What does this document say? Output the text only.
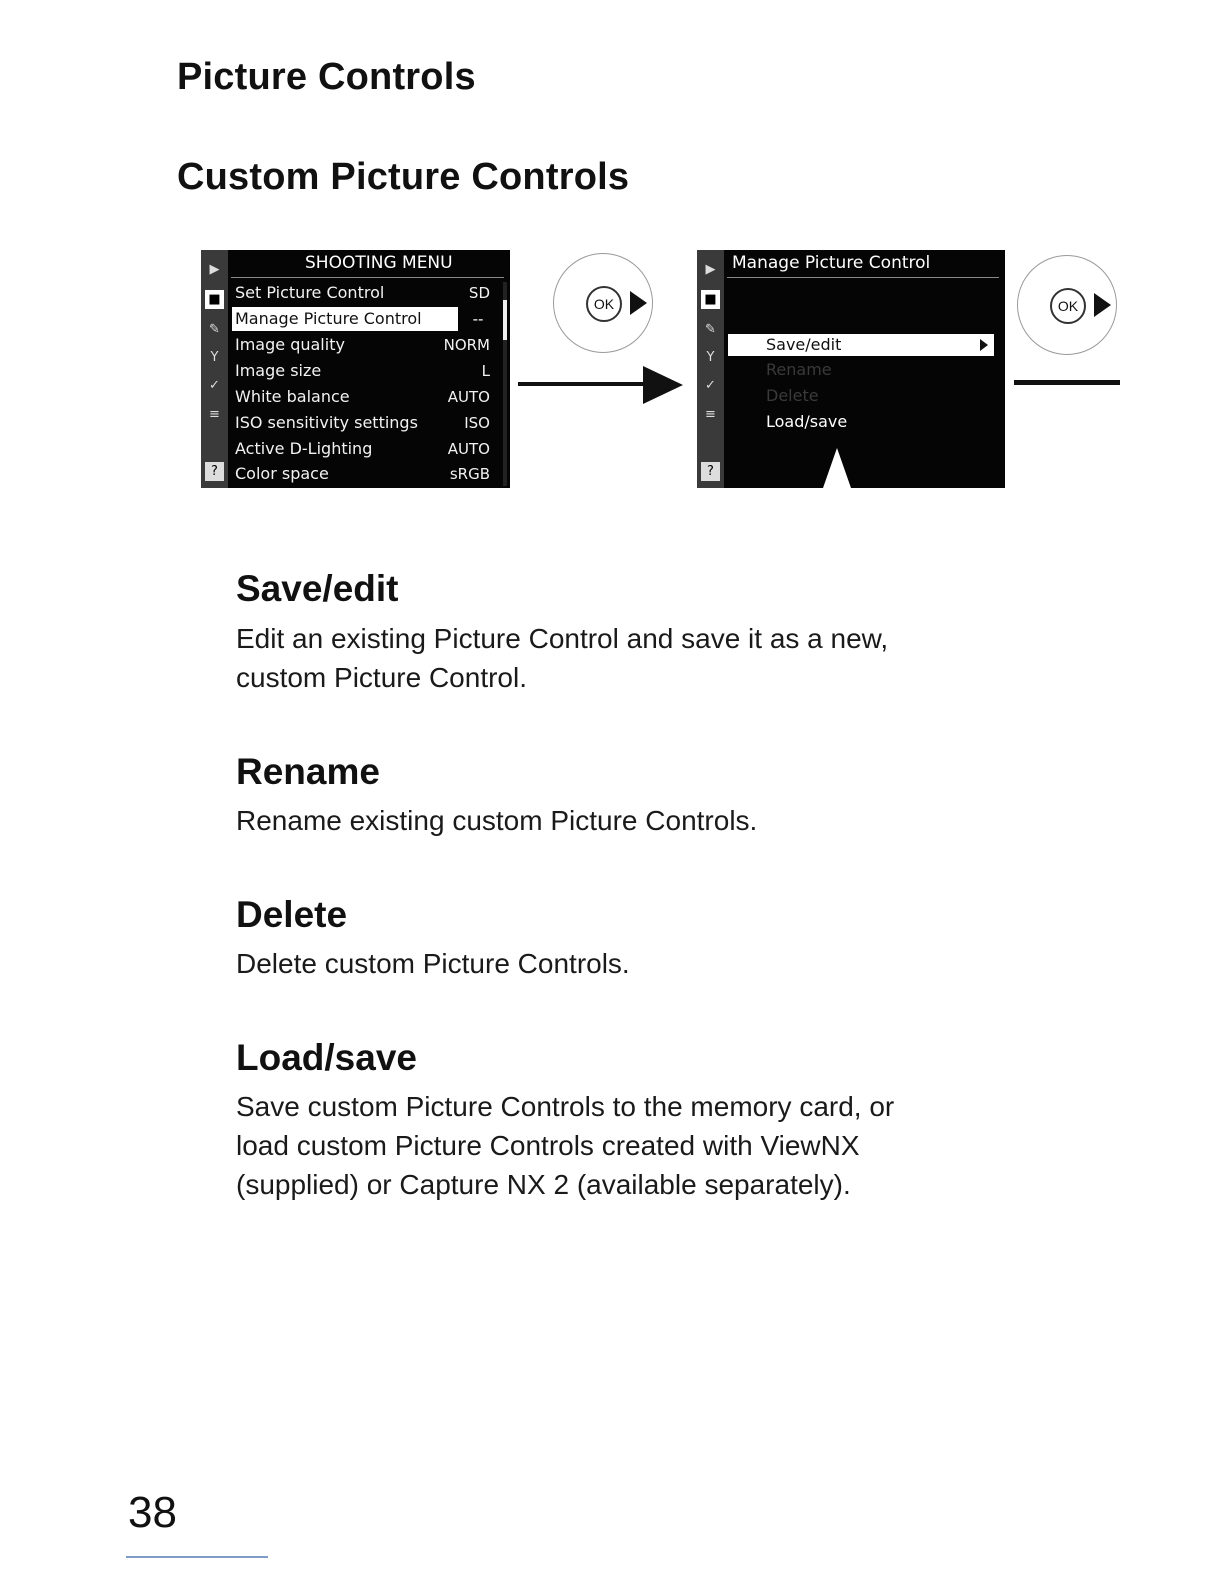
Picture Controls
Custom Picture Controls
▶
■
✎
Y
✓
≡
?
SHOOTING MENU
Set Picture Control	SD
Manage Picture Control	--
Image quality	NORM
Image size	L
White balance	AUTO
ISO sensitivity settings	ISO
Active D-Lighting	AUTO
Color space	sRGB
OK
▶
■
✎
Y
✓
≡
?
Manage Picture Control
Save/edit
Rename
Delete
Load/save
OK
Save/edit
Edit an existing Picture Control and save it as a new,
custom Picture Control.
Rename
Rename existing custom Picture Controls.
Delete
Delete custom Picture Controls.
Load/save
Save custom Picture Controls to the memory card, or
load custom Picture Controls created with ViewNX
(supplied) or Capture NX 2 (available separately).
38
